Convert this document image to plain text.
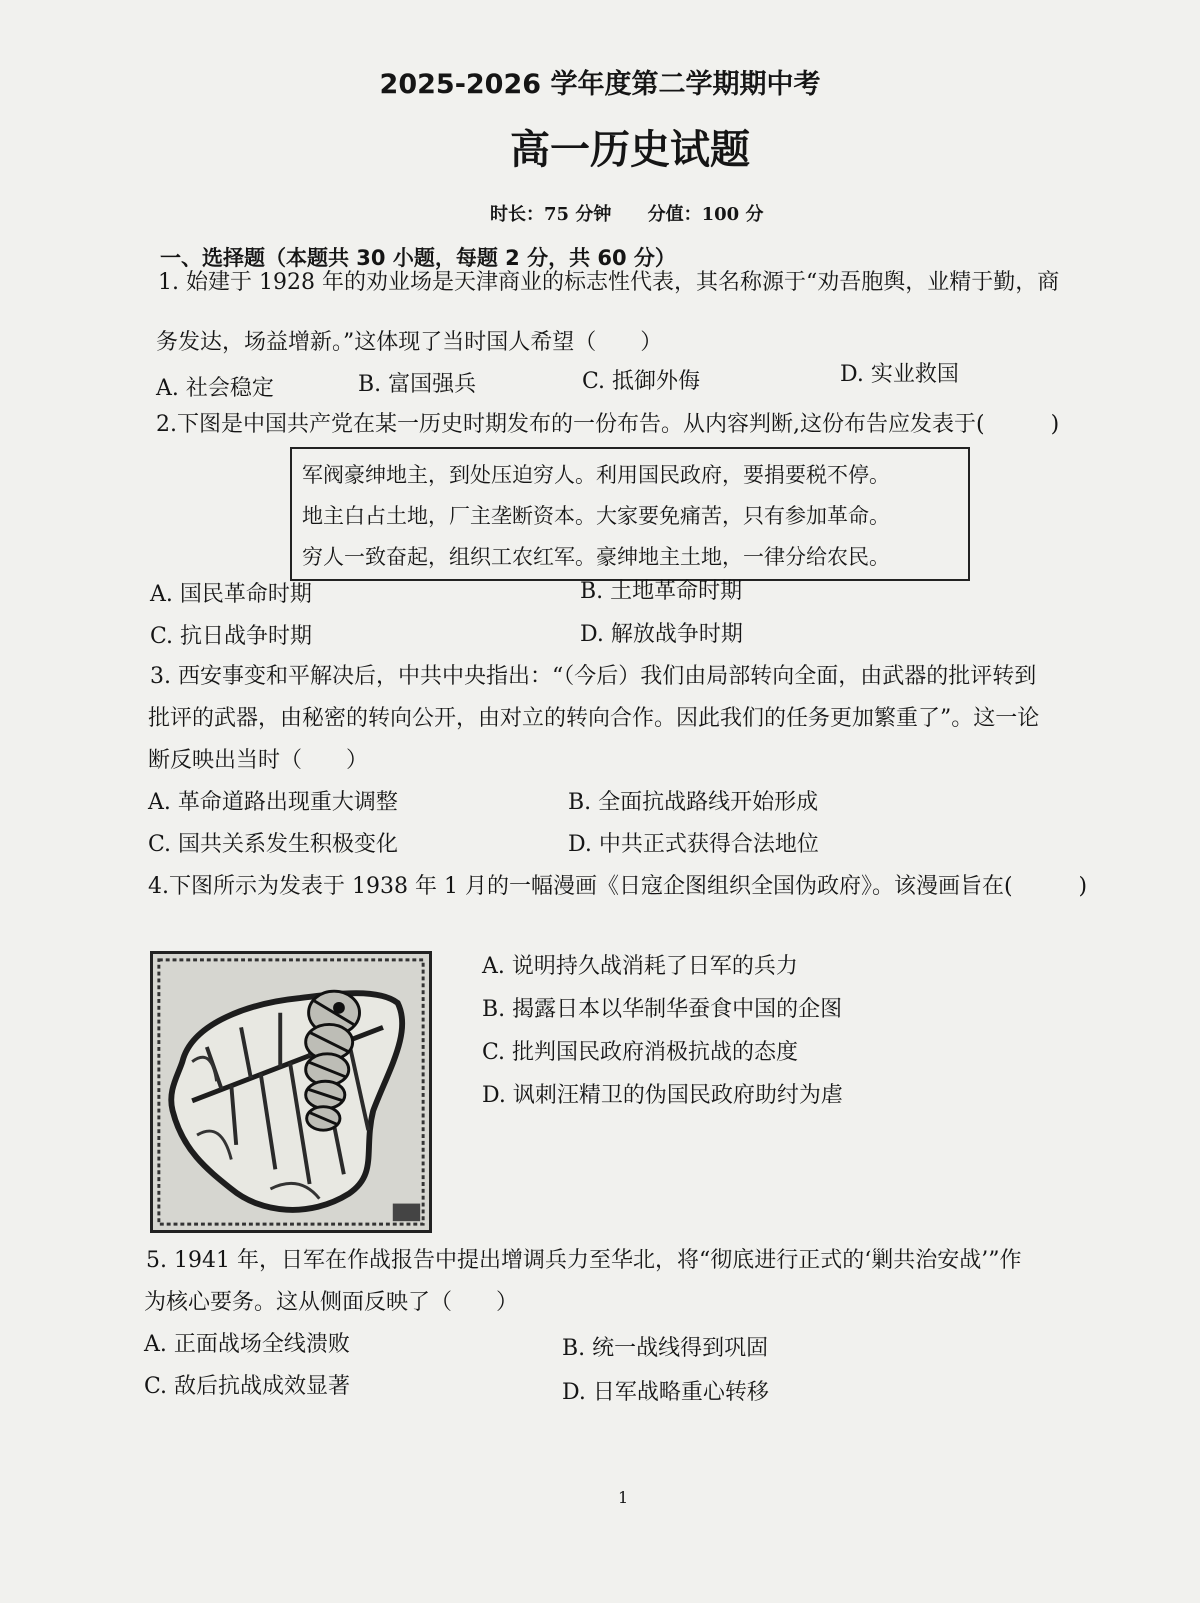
2025-2026 学年度第二学期期中考
高一历史试题
时长：75 分钟 分值：100 分
一、选择题（本题共 30 小题，每题 2 分，共 60 分）
1. 始建于 1928 年的劝业场是天津商业的标志性代表，其名称源于“劝吾胞舆，业精于勤，商
务发达，场益增新。”这体现了当时国人希望（　　）
A. 社会稳定	B. 富国强兵	C. 抵御外侮	D. 实业救国
2.下图是中国共产党在某一历史时期发布的一份布告。从内容判断,这份布告应发表于(　　　)
军阀豪绅地主，到处压迫穷人。利用国民政府，要捐要税不停。
地主白占土地，厂主垄断资本。大家要免痛苦，只有参加革命。
穷人一致奋起，组织工农红军。豪绅地主土地，一律分给农民。
A. 国民革命时期	B. 土地革命时期
C. 抗日战争时期	D. 解放战争时期
3. 西安事变和平解决后，中共中央指出：“（今后）我们由局部转向全面，由武器的批评转到
批评的武器，由秘密的转向公开，由对立的转向合作。因此我们的任务更加繁重了”。这一论
断反映出当时（　　）
A. 革命道路出现重大调整	B. 全面抗战路线开始形成
C. 国共关系发生积极变化	D. 中共正式获得合法地位
4.下图所示为发表于 1938 年 1 月的一幅漫画《日寇企图组织全国伪政府》。该漫画旨在(　　　)
A. 说明持久战消耗了日军的兵力
B. 揭露日本以华制华蚕食中国的企图
C. 批判国民政府消极抗战的态度
D. 讽刺汪精卫的伪国民政府助纣为虐
5. 1941 年，日军在作战报告中提出增调兵力至华北，将“彻底进行正式的‘剿共治安战’”作
为核心要务。这从侧面反映了（　　）
A. 正面战场全线溃败	B. 统一战线得到巩固
C. 敌后抗战成效显著	D. 日军战略重心转移
1
